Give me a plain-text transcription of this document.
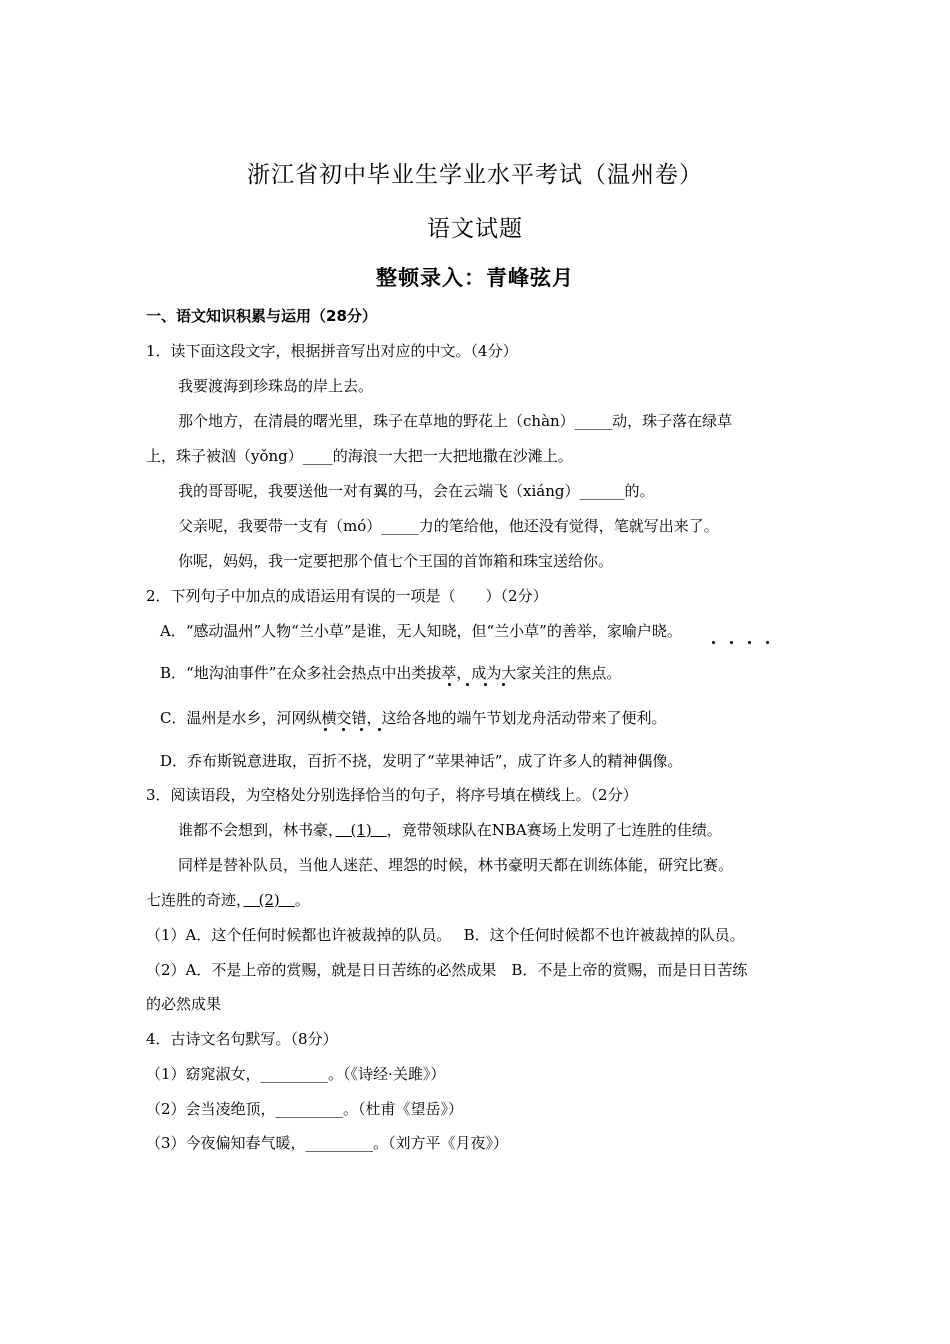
浙江省初中毕业生学业水平考试（温州卷）
语文试题
整顿录入：青峰弦月
一、语文知识积累与运用（28分）
1．读下面这段文字，根据拼音写出对应的中文。（4分）
我要渡海到珍珠岛的岸上去。
那个地方，在清晨的曙光里，珠子在草地的野花上（chàn）_____动，珠子落在绿草
上，珠子被汹（yǒng）____的海浪一大把一大把地撒在沙滩上。
我的哥哥呢，我要送他一对有翼的马，会在云端飞（xiáng）______的。
父亲呢，我要带一支有（mó）_____力的笔给他，他还没有觉得，笔就写出来了。
你呢，妈妈，我一定要把那个值七个王国的首饰箱和珠宝送给你。
2．下列句子中加点的成语运用有误的一项是（　　）（2分）
A．“感动温州”人物“兰小草”是谁，无人知晓，但“兰小草”的善举，家喻户晓。
B．“地沟油事件”在众多社会热点中出类拔萃，成为大家关注的焦点。
C．温州是水乡，河网纵横交错，这给各地的端午节划龙舟活动带来了便利。
D．乔布斯锐意进取，百折不挠，发明了“苹果神话”，成了许多人的精神偶像。
3．阅读语段，为空格处分别选择恰当的句子，将序号填在横线上。（2分）
谁都不会想到，林书豪，　(1)　，竟带领球队在NBA赛场上发明了七连胜的佳绩。
同样是替补队员，当他人迷茫、埋怨的时候，林书豪明天都在训练体能，研究比赛。
七连胜的奇迹，　(2)　。
（1）A．这个任何时候都也许被裁掉的队员。　 B．这个任何时候都不也许被裁掉的队员。
（2）A．不是上帝的赏赐，就是日日苦练的必然成果　B．不是上帝的赏赐，而是日日苦练
的必然成果
4．古诗文名句默写。（8分）
（1）窈窕淑女，_________。（《诗经·关雎》）
（2）会当凌绝顶，_________。（杜甫《望岳》）
（3）今夜偏知春气暖，_________。（刘方平《月夜》）
